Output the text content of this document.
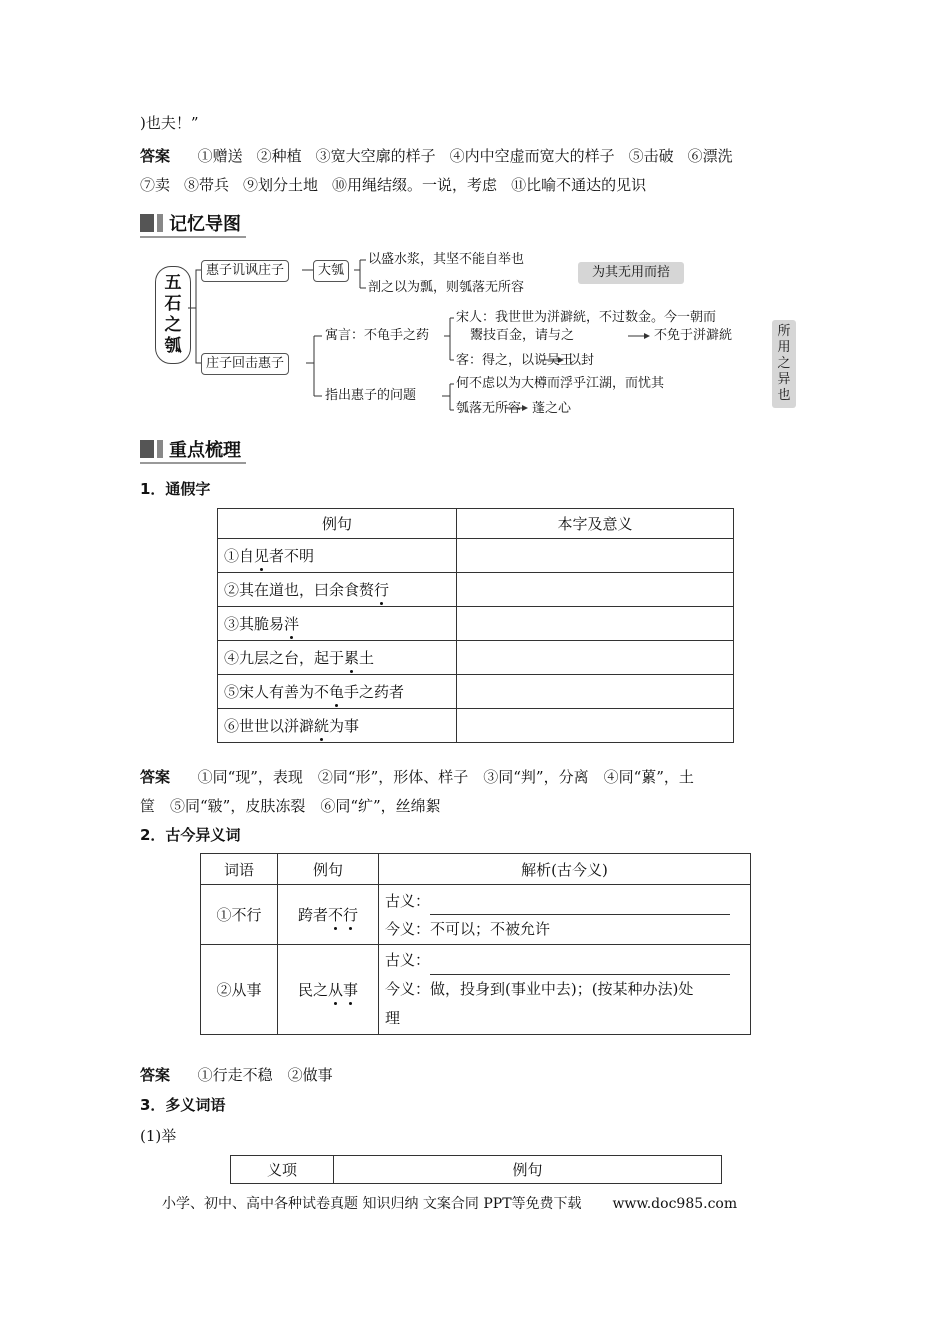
)也夫！”
答案 ①赠送 ②种植 ③宽大空廓的样子 ④内中空虚而宽大的样子 ⑤击破 ⑥漂洗
⑦卖 ⑧带兵 ⑨划分土地 ⑩用绳结缀。一说，考虑 ⑪比喻不通达的见识
记忆导图
五
石
之
瓠
惠子讥讽庄子	大瓠
以盛水浆，其坚不能自举也
剖之以为瓢，则瓠落无所容
为其无用而掊
庄子回击惠子
寓言：不龟手之药
宋人：我世世为洴澼絖，不过数金。今一朝而
鬻技百金，请与之	不免于洴澼絖
客：得之，以说吴王
以封
指出惠子的问题
何不虑以为大樽而浮乎江湖，而忧其
瓠落无所容 蓬之心
所
用
之
异
也
重点梳理
1．通假字
例句	本字及意义
①自见者不明	
②其在道也，曰余食赘行	
③其脆易泮	
④九层之台，起于累土	
⑤宋人有善为不龟手之药者	
⑥世世以洴澼絖为事	
答案 ①同“现”，表现　②同“形”，形体、样子　③同“判”，分离　④同“蔂”，土
筐　⑤同“皲”，皮肤冻裂　⑥同“纩”，丝绵絮
2．古今异义词
词语	例句	解析(古今义)
①不行	跨者不行	古义：
今义：不可以；不被允许

②从事	民之从事	古义：
今义：做，投身到(事业中去)；(按某种办法)处
理
答案 ①行走不稳　②做事
3．多义词语
(1)举
义项	例句
小学、初中、高中各种试卷真题 知识归纳 文案合同 PPT等免费下载 www.doc985.com
